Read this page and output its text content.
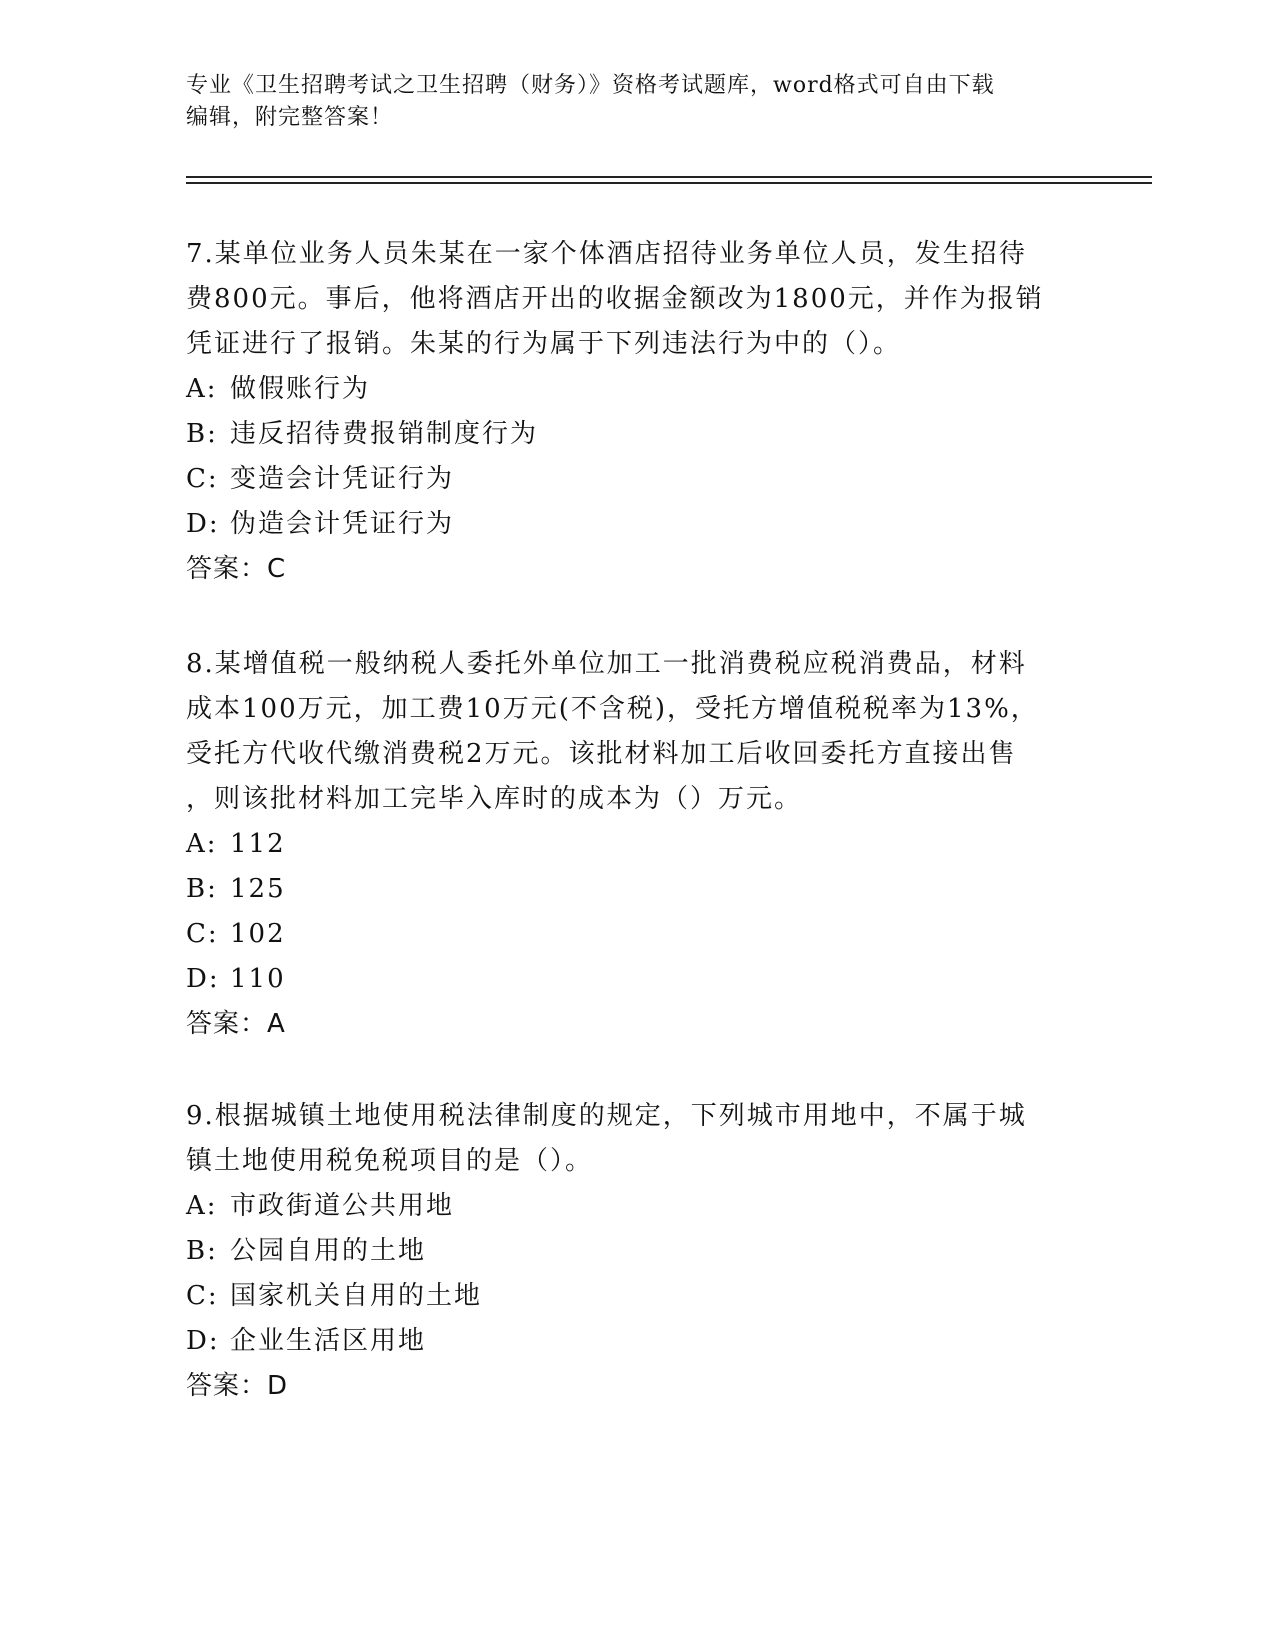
专业《卫生招聘考试之卫生招聘（财务）》资格考试题库，word格式可自由下载
编辑，附完整答案！
7.某单位业务人员朱某在一家个体酒店招待业务单位人员，发生招待
费800元。事后，他将酒店开出的收据金额改为1800元，并作为报销
凭证进行了报销。朱某的行为属于下列违法行为中的（）。
A: 做假账行为
B: 违反招待费报销制度行为
C: 变造会计凭证行为
D: 伪造会计凭证行为
答案：C
8.某增值税一般纳税人委托外单位加工一批消费税应税消费品，材料
成本100万元，加工费10万元(不含税)，受托方增值税税率为13%，
受托方代收代缴消费税2万元。该批材料加工后收回委托方直接出售
，则该批材料加工完毕入库时的成本为（）万元。
A: 112
B: 125
C: 102
D: 110
答案：A
9.根据城镇土地使用税法律制度的规定，下列城市用地中，不属于城
镇土地使用税免税项目的是（）。
A: 市政街道公共用地
B: 公园自用的土地
C: 国家机关自用的土地
D: 企业生活区用地
答案：D
